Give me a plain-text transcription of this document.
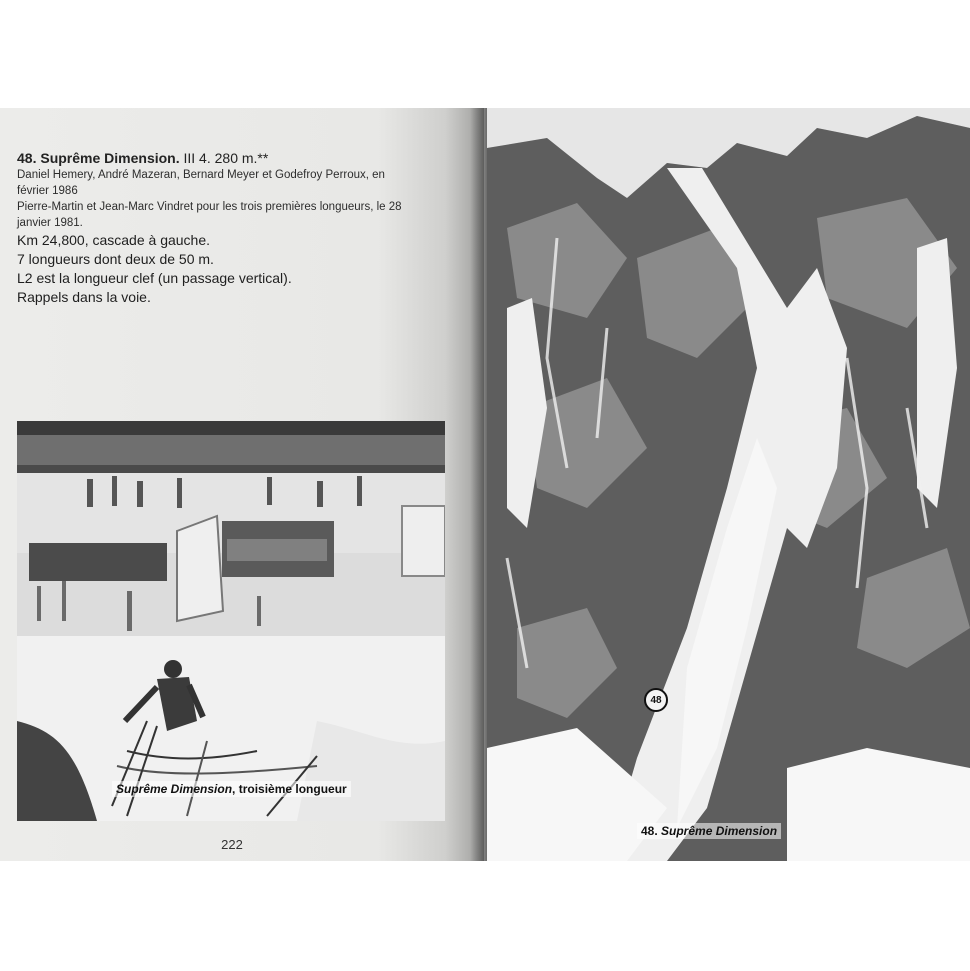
48. Suprême Dimension. III 4. 280 m.**
Daniel Hemery, André Mazeran, Bernard Meyer et Godefroy Perroux, en
février 1986
Pierre-Martin et Jean-Marc Vindret pour les trois premières longueurs, le 28
janvier 1981.
Km 24,800, cascade à gauche.
7 longueurs dont deux de 50 m.
L2 est la longueur clef (un passage vertical).
Rappels dans la voie.
Suprême Dimension, troisième longueur
222
48. Suprême Dimension
48
